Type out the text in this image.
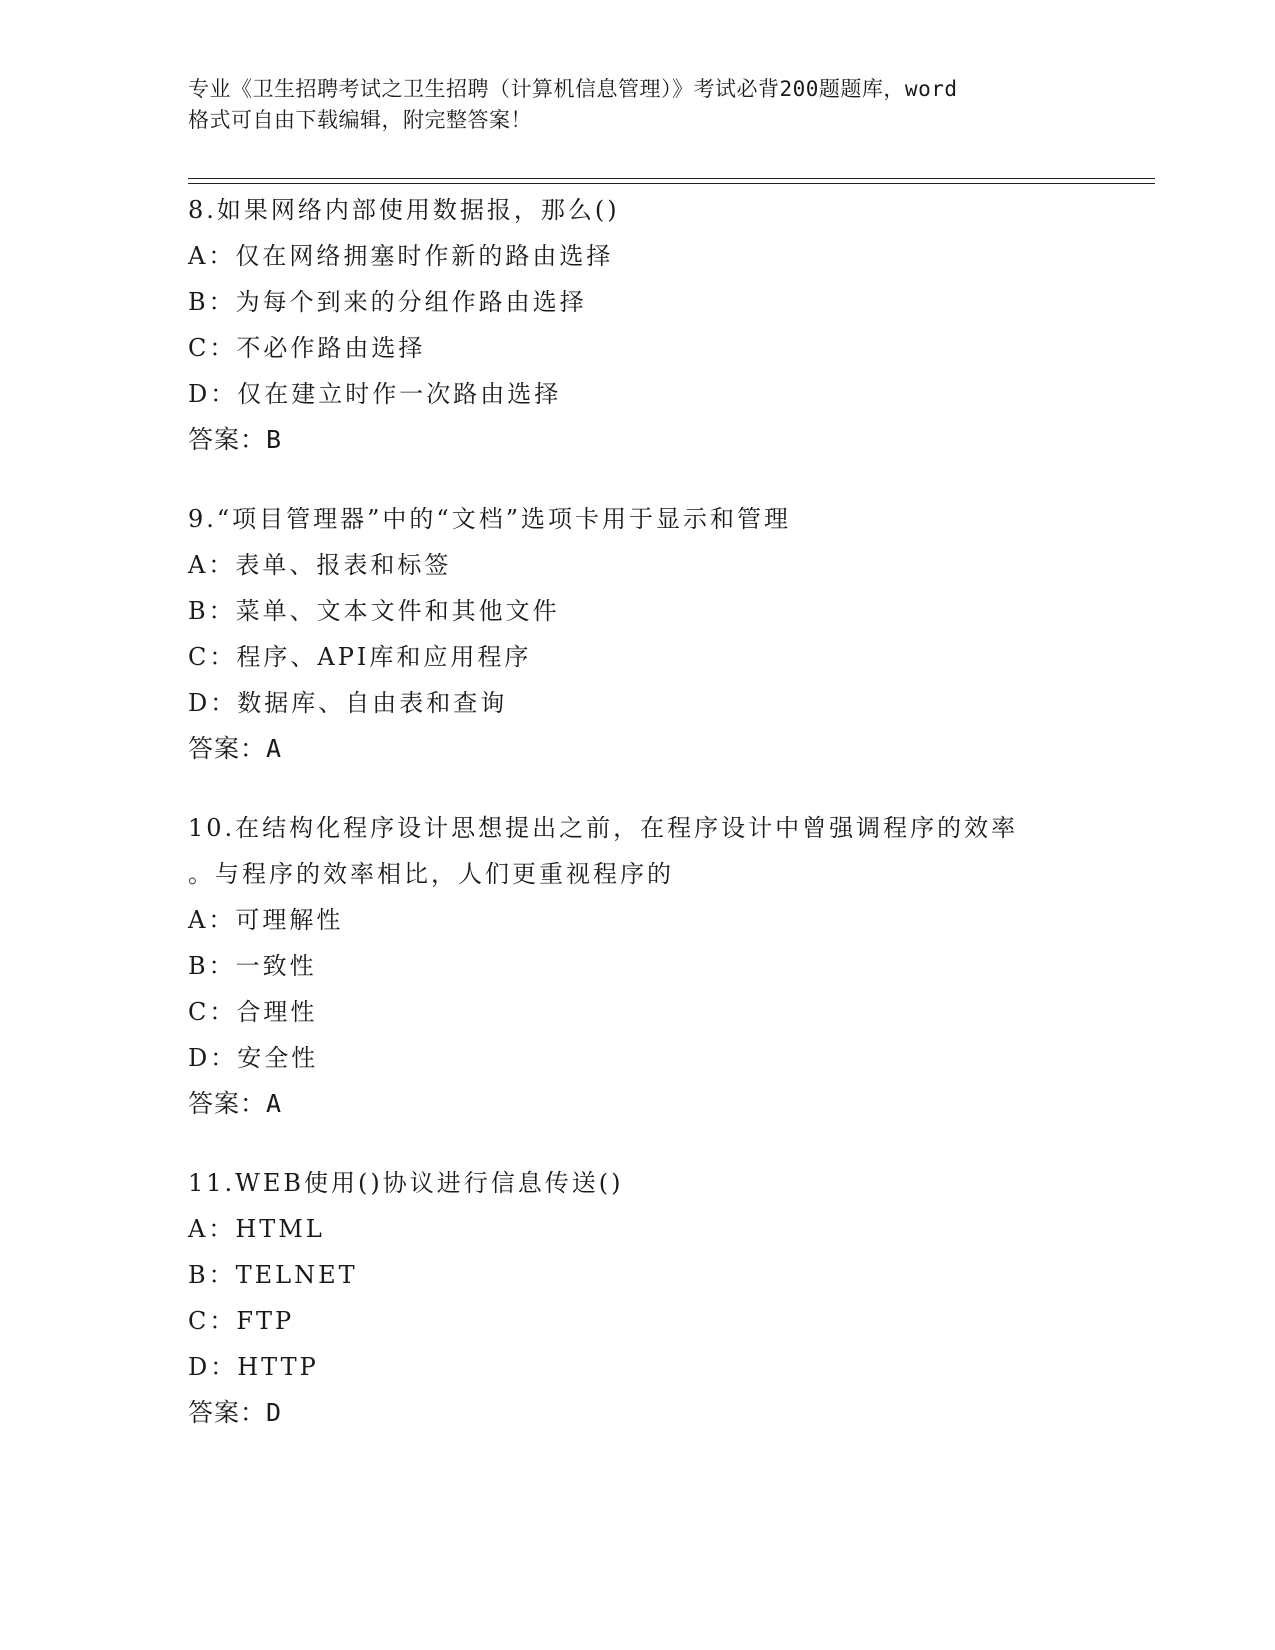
专业《卫生招聘考试之卫生招聘（计算机信息管理）》考试必背200题题库，word
格式可自由下载编辑，附完整答案！
8.如果网络内部使用数据报，那么()
A：仅在网络拥塞时作新的路由选择
B：为每个到来的分组作路由选择
C：不必作路由选择
D：仅在建立时作一次路由选择
答案：B
9.“项目管理器”中的“文档”选项卡用于显示和管理
A：表单、报表和标签
B：菜单、文本文件和其他文件
C：程序、API库和应用程序
D：数据库、自由表和查询
答案：A
10.在结构化程序设计思想提出之前，在程序设计中曾强调程序的效率
。与程序的效率相比，人们更重视程序的
A：可理解性
B：一致性
C：合理性
D：安全性
答案：A
11.WEB使用()协议进行信息传送()
A：HTML
B：TELNET
C：FTP
D：HTTP
答案：D
